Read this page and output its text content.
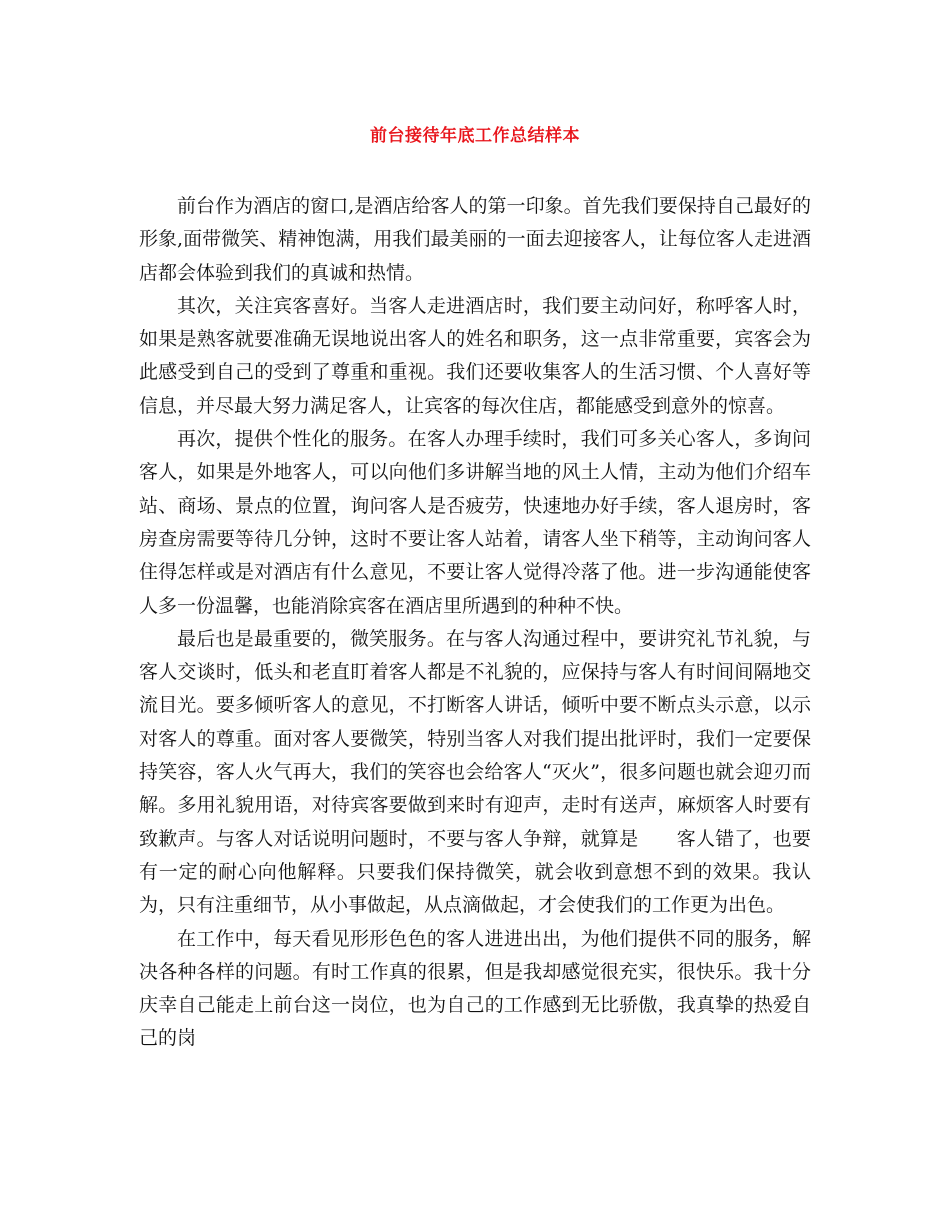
前台接待年底工作总结样本

前台作为酒店的窗口,是酒店给客人的第一印象。首先我们要保持自己最好的形象,面带微笑、精神饱满，用我们最美丽的一面去迎接客人，让每位客人走进酒店都会体验到我们的真诚和热情。

其次，关注宾客喜好。当客人走进酒店时，我们要主动问好，称呼客人时，如果是熟客就要准确无误地说出客人的姓名和职务，这一点非常重要，宾客会为此感受到自己的受到了尊重和重视。我们还要收集客人的生活习惯、个人喜好等信息，并尽最大努力满足客人，让宾客的每次住店，都能感受到意外的惊喜。

再次，提供个性化的服务。在客人办理手续时，我们可多关心客人，多询问客人，如果是外地客人，可以向他们多讲解当地的风土人情，主动为他们介绍车站、商场、景点的位置，询问客人是否疲劳，快速地办好手续，客人退房时，客房查房需要等待几分钟，这时不要让客人站着，请客人坐下稍等，主动询问客人住得怎样或是对酒店有什么意见，不要让客人觉得冷落了他。进一步沟通能使客人多一份温馨，也能消除宾客在酒店里所遇到的种种不快。

最后也是最重要的，微笑服务。在与客人沟通过程中，要讲究礼节礼貌，与客人交谈时，低头和老直盯着客人都是不礼貌的，应保持与客人有时间间隔地交流目光。要多倾听客人的意见，不打断客人讲话，倾听中要不断点头示意，以示对客人的尊重。面对客人要微笑，特别当客人对我们提出批评时，我们一定要保持笑容，客人火气再大，我们的笑容也会给客人“灭火”，很多问题也就会迎刃而解。多用礼貌用语，对待宾客要做到来时有迎声，走时有送声，麻烦客人时要有致歉声。与客人对话说明问题时，不要与客人争辩，就算是　　客人错了，也要有一定的耐心向他解释。只要我们保持微笑，就会收到意想不到的效果。我认为，只有注重细节，从小事做起，从点滴做起，才会使我们的工作更为出色。

在工作中，每天看见形形色色的客人进进出出，为他们提供不同的服务，解决各种各样的问题。有时工作真的很累，但是我却感觉很充实，很快乐。我十分庆幸自己能走上前台这一岗位，也为自己的工作感到无比骄傲，我真挚的热爱自己的岗
